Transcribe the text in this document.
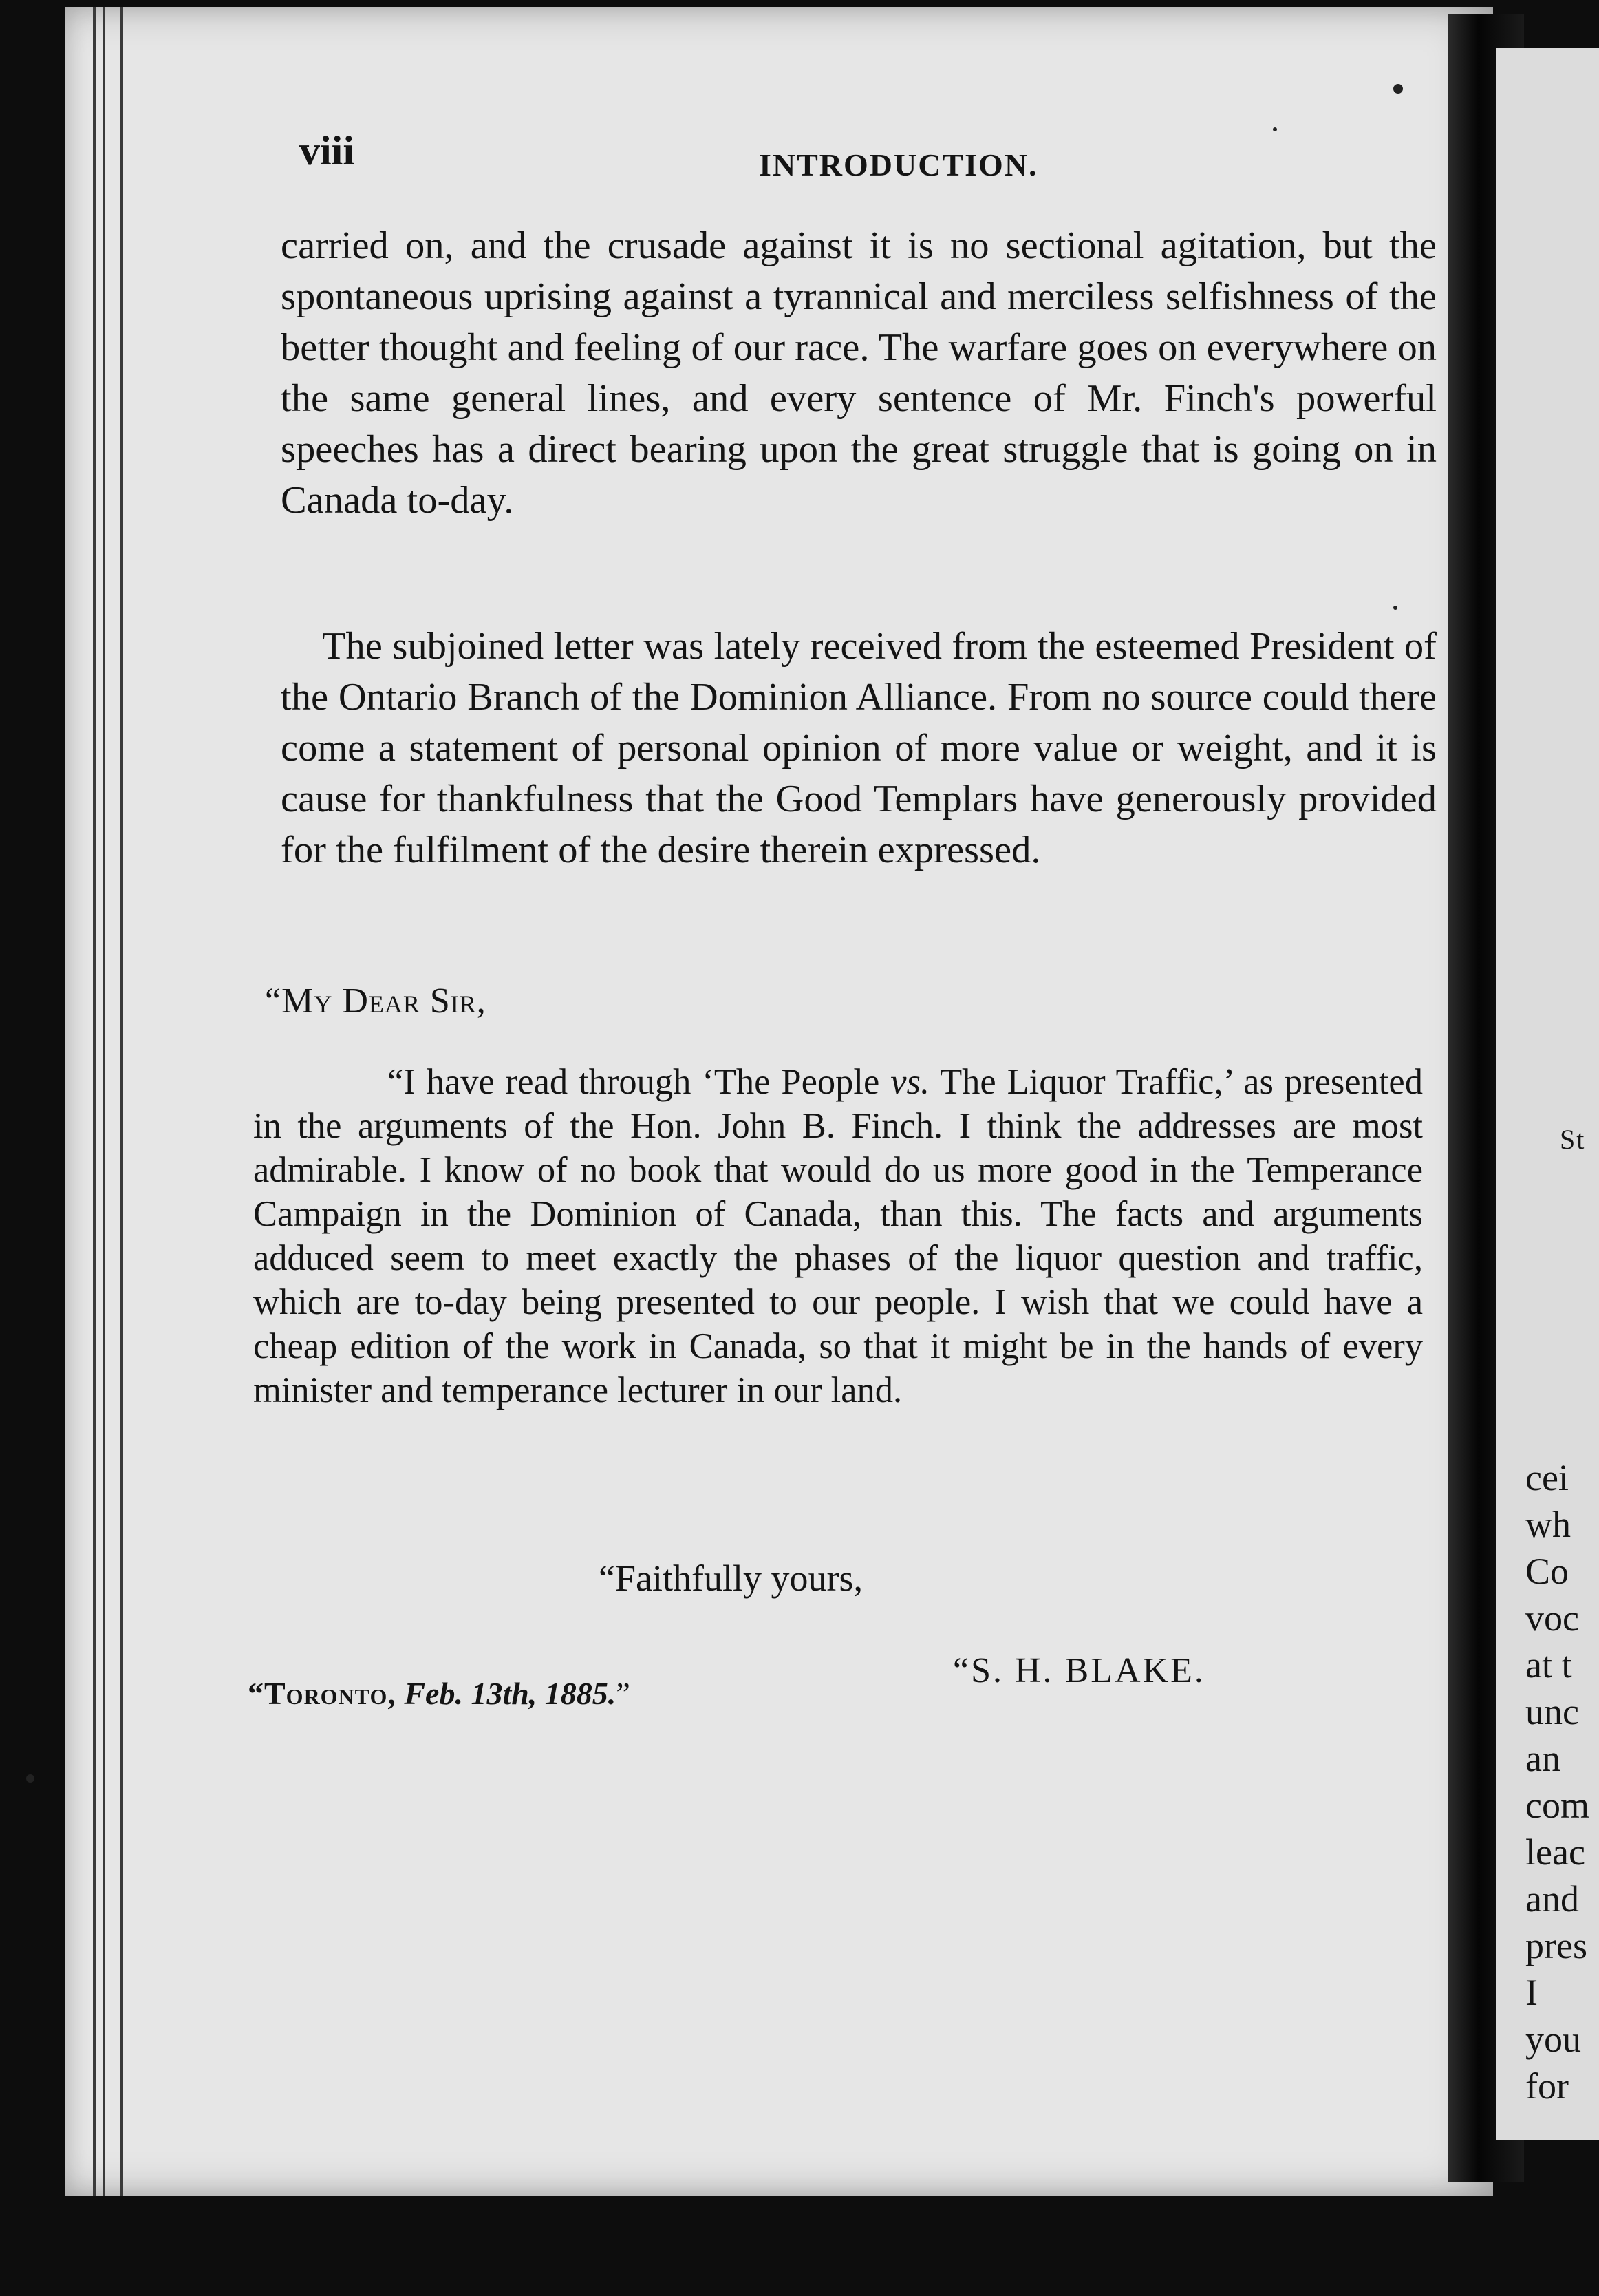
St
cei
wh
Co
voc
at t
unc
an
com
leac
and
pres
I
you
for
viii	INTRODUCTION.
carried on, and the crusade against it is no sectional agitation, but the spontaneous uprising against a tyrannical and merciless selfishness of the better thought and feeling of our race. The warfare goes on everywhere on the same general lines, and every sentence of Mr. Finch's powerful speeches has a direct bearing upon the great struggle that is going on in Canada to-day.
The subjoined letter was lately received from the esteemed President of the Ontario Branch of the Dominion Alliance. From no source could there come a statement of personal opinion of more value or weight, and it is cause for thankfulness that the Good Templars have generously provided for the fulfilment of the desire therein expressed.
“My Dear Sir,
“I have read through ‘The People vs. The Liquor Traffic,’ as presented in the arguments of the Hon. John B. Finch. I think the addresses are most admirable. I know of no book that would do us more good in the Temperance Campaign in the Dominion of Canada, than this. The facts and arguments adduced seem to meet exactly the phases of the liquor question and traffic, which are to-day being presented to our people. I wish that we could have a cheap edition of the work in Canada, so that it might be in the hands of every minister and temperance lecturer in our land.
“Faithfully yours,
“S. H. BLAKE.
“Toronto, Feb. 13th, 1885.”
